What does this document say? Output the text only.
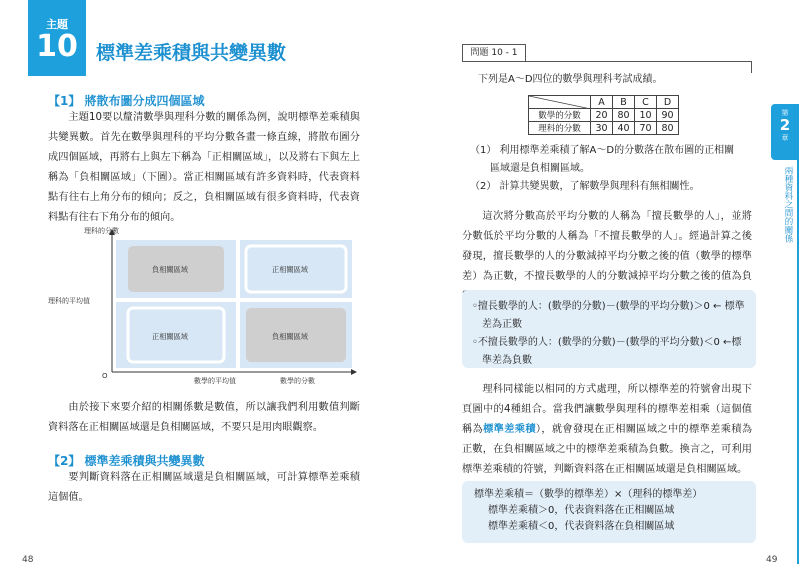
主題
10 標準差乘積與共變異數
【1】 將散布圖分成四個區域
主題10要以釐清數學與理科分數的關係為例，說明標準差乘積與共變異數。首先在數學與理科的平均分數各畫一條直線，將散布圖分成四個區域，再將右上與左下稱為「正相關區域」，以及將右下與左上稱為「負相關區域」（下圖）。當正相關區域有許多資料時，代表資料點有往右上角分布的傾向；反之，負相關區域有很多資料時，代表資料點有往右下角分布的傾向。
理科的分數
理科的平均值
數學的平均值	數學的分數
O
負相關區域	正相關區域
正相關區域	負相關區域
由於接下來要介紹的相關係數是數值，所以讓我們利用數值判斷資料落在正相關區域還是負相關區域，不要只是用肉眼觀察。
【2】 標準差乘積與共變異數
要判斷資料落在正相關區域還是負相關區域，可計算標準差乘積這個值。
48
問題 10 - 1
下列是A～D四位的數學與理科考試成績。
	A	B	C	D
數學的分數	20	80	10	90
理科的分數	30	40	70	80
（1） 利用標準差乘積了解A～D的分數落在散布圖的正相關
區域還是負相關區域。
（2） 計算共變異數，了解數學與理科有無相關性。
這次將分數高於平均分數的人稱為「擅長數學的人」，並將分數低於平均分數的人稱為「不擅長數學的人」。經過計算之後發現，擅長數學的人的分數減掉平均分數之後的值（數學的標準差）為正數，不擅長數學的人的分數減掉平均分數之後的值為負
◦擅長數學的人：(數學的分數)－(數學的平均分數)＞0 ← 標準差為正數
◦不擅長數學的人：(數學的分數)－(數學的平均分數)＜0 ←標準差為負數
理科同樣能以相同的方式處理，所以標準差的符號會出現下頁圖中的4種組合。當我們讓數學與理科的標準差相乘（這個值稱為標準差乘積），就會發現在正相關區域之中的標準差乘積為正數，在負相關區域之中的標準差乘積為負數。換言之，可利用標準差乘積的符號，判斷資料落在正相關區域還是負相關區域。
標準差乘積＝（數學的標準差）×（理科的標準差）
標準差乘積＞0，代表資料落在正相關區域
標準差乘積＜0，代表資料落在負相關區域
第
2
章
兩種資料之間的關係
49
